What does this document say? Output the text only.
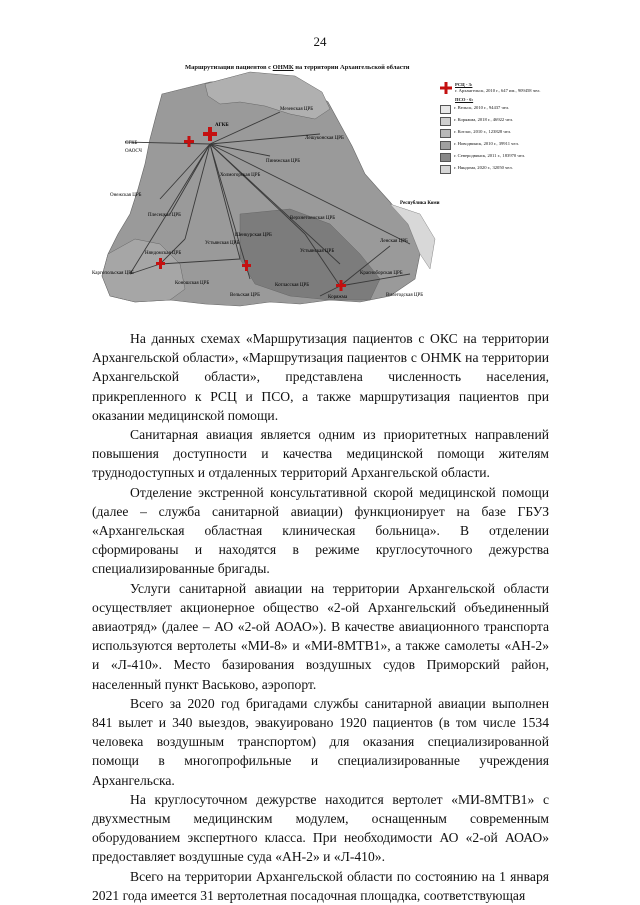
24
Маршрутизация пациентов с ОНМК на территории Архангельской области
АГКБ
Мезенская ЦРБ
Лешуконская ЦРБ
Пинежская ЦРБ
СГКБ
ОАОСЧ
Онежская ЦРБ
Плесецкая ЦРБ
Холмогорская ЦРБ
Верхнетоемская ЦРБ
Устьянская ЦРБ
Шенкурская ЦРБ
Ленская ЦРБ
Коношская ЦРБ
Каргопольская ЦРБ
Вельская ЦРБ
Няндомская ЦРБ
Красноборская ЦРБ
Вилегодская ЦРБ
Котласская ЦРБ
Коряжма
Устьянская ЦРБ
Республика Коми
РСЦ - 3:
г. Архангельск, 2010 г., 647 им., 909458 чел.
ПСО - 6:
г. Вельск, 2010 г., 94437 чел.
г. Коряжма, 2018 г., 46922 чел.
г. Котлас, 2010 г., 123828 чел.
г. Новодвинск, 2010 г., 39911 чел.
г. Северодвинск, 2011 г., 183970 чел.
г. Няндома, 2020 г., 32050 чел.

На данных схемах «Маршрутизация пациентов с ОКС на территории Архангельской области», «Маршрутизация пациентов с ОНМК на территории Архангельской области», представлена численность населения, прикрепленного к РСЦ и ПСО, а также маршрутизация пациентов при оказании медицинской помощи.

Санитарная авиация является одним из приоритетных направлений повышения доступности и качества медицинской помощи жителям труднодоступных и отдаленных территорий Архангельской области.

Отделение экстренной консультативной скорой медицинской помощи (далее – служба санитарной авиации) функционирует на базе ГБУЗ «Архангельская областная клиническая больница». В отделении сформированы и находятся в режиме круглосуточного дежурства специализированные бригады.

Услуги санитарной авиации на территории Архангельской области осуществляет акционерное общество «2-ой Архангельский объединенный авиаотряд» (далее – АО «2-ой АОАО»). В качестве авиационного транспорта используются вертолеты «МИ-8» и «МИ-8МТВ1», а также самолеты «АН-2» и «Л-410». Место базирования воздушных судов Приморский район, населенный пункт Васьково, аэропорт.

Всего за 2020 год бригадами службы санитарной авиации выполнен 841 вылет и 340 выездов, эвакуировано 1920 пациентов (в том числе 1534 человека воздушным транспортом) для оказания специализированной помощи в многопрофильные и специализированные учреждения Архангельска.

На круглосуточном дежурстве находится вертолет «МИ-8МТВ1» с двухместным медицинским модулем, оснащенным современным оборудованием экспертного класса. При необходимости АО «2-ой АОАО» предоставляет воздушные суда «АН-2» и «Л-410».

Всего на территории Архангельской области по состоянию на 1 января 2021 года имеется 31 вертолетная посадочная площадка, соответствующая
